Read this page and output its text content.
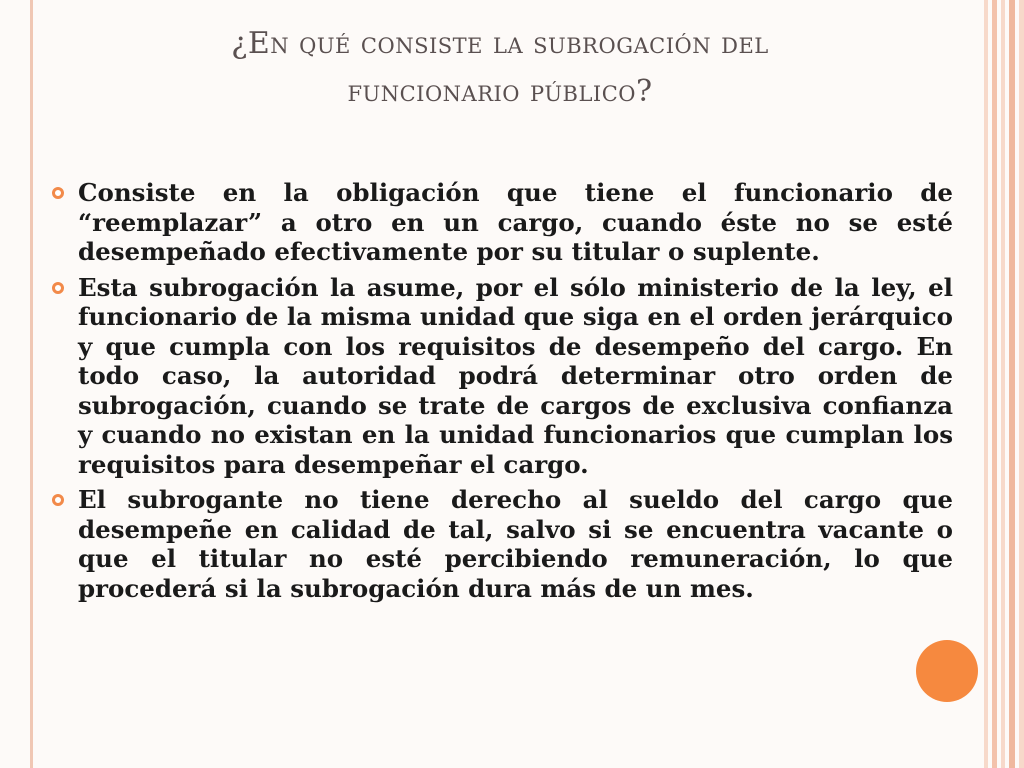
¿En qué consiste la subrogación del
funcionario público?
Consiste en la obligación que tiene el funcionario de “reemplazar” a otro en un cargo, cuando éste no se esté desempeñado efectivamente por su titular o suplente.
Esta subrogación la asume, por el sólo ministerio de la ley, el funcionario de la misma unidad que siga en el orden jerárquico y que cumpla con los requisitos de desempeño del cargo. En todo caso, la autoridad podrá determinar otro orden de subrogación, cuando se trate de cargos de exclusiva confianza y cuando no existan en la unidad funcionarios que cumplan los requisitos para desempeñar el cargo.
El subrogante no tiene derecho al sueldo del cargo que desempeñe en calidad de tal, salvo si se encuentra vacante o que el titular no esté percibiendo remuneración, lo que procederá si la subrogación dura más de un mes.
